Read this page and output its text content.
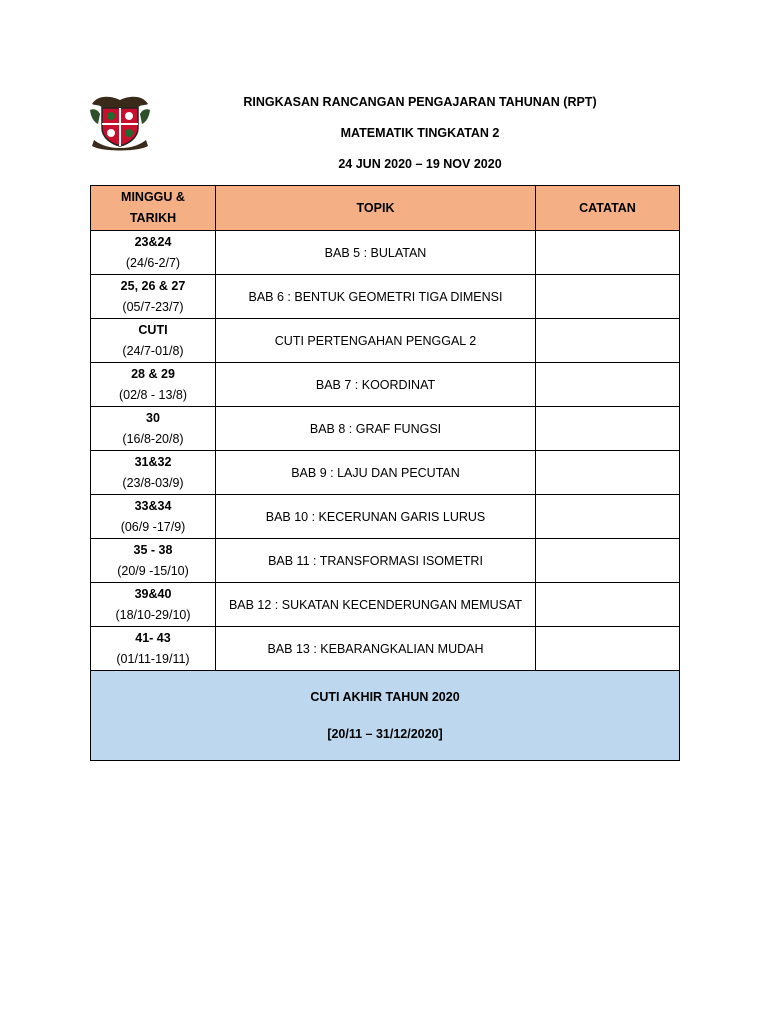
RINGKASAN RANCANGAN PENGAJARAN TAHUNAN (RPT)
MATEMATIK TINGKATAN 2
24 JUN 2020 – 19 NOV 2020
MINGGU &
TARIKH	TOPIK	CATATAN

23&24
(24/6-2/7)	BAB 5 : BULATAN	

25, 26 & 27
(05/7-23/7)	BAB 6 : BENTUK GEOMETRI TIGA DIMENSI	

CUTI
(24/7-01/8)	CUTI PERTENGAHAN PENGGAL 2	

28 & 29
(02/8 - 13/8)	BAB 7 : KOORDINAT	

30
(16/8-20/8)	BAB 8 : GRAF FUNGSI	

31&32
(23/8-03/9)	BAB 9 : LAJU DAN PECUTAN	

33&34
(06/9 -17/9)	BAB 10 : KECERUNAN GARIS LURUS	

35 - 38
(20/9 -15/10)	BAB 11 : TRANSFORMASI ISOMETRI	

39&40
(18/10-29/10)	BAB 12 : SUKATAN KECENDERUNGAN MEMUSAT	

41- 43
(01/11-19/11)	BAB 13 : KEBARANGKALIAN MUDAH	

CUTI AKHIR TAHUN 2020
[20/11 – 31/12/2020]		
